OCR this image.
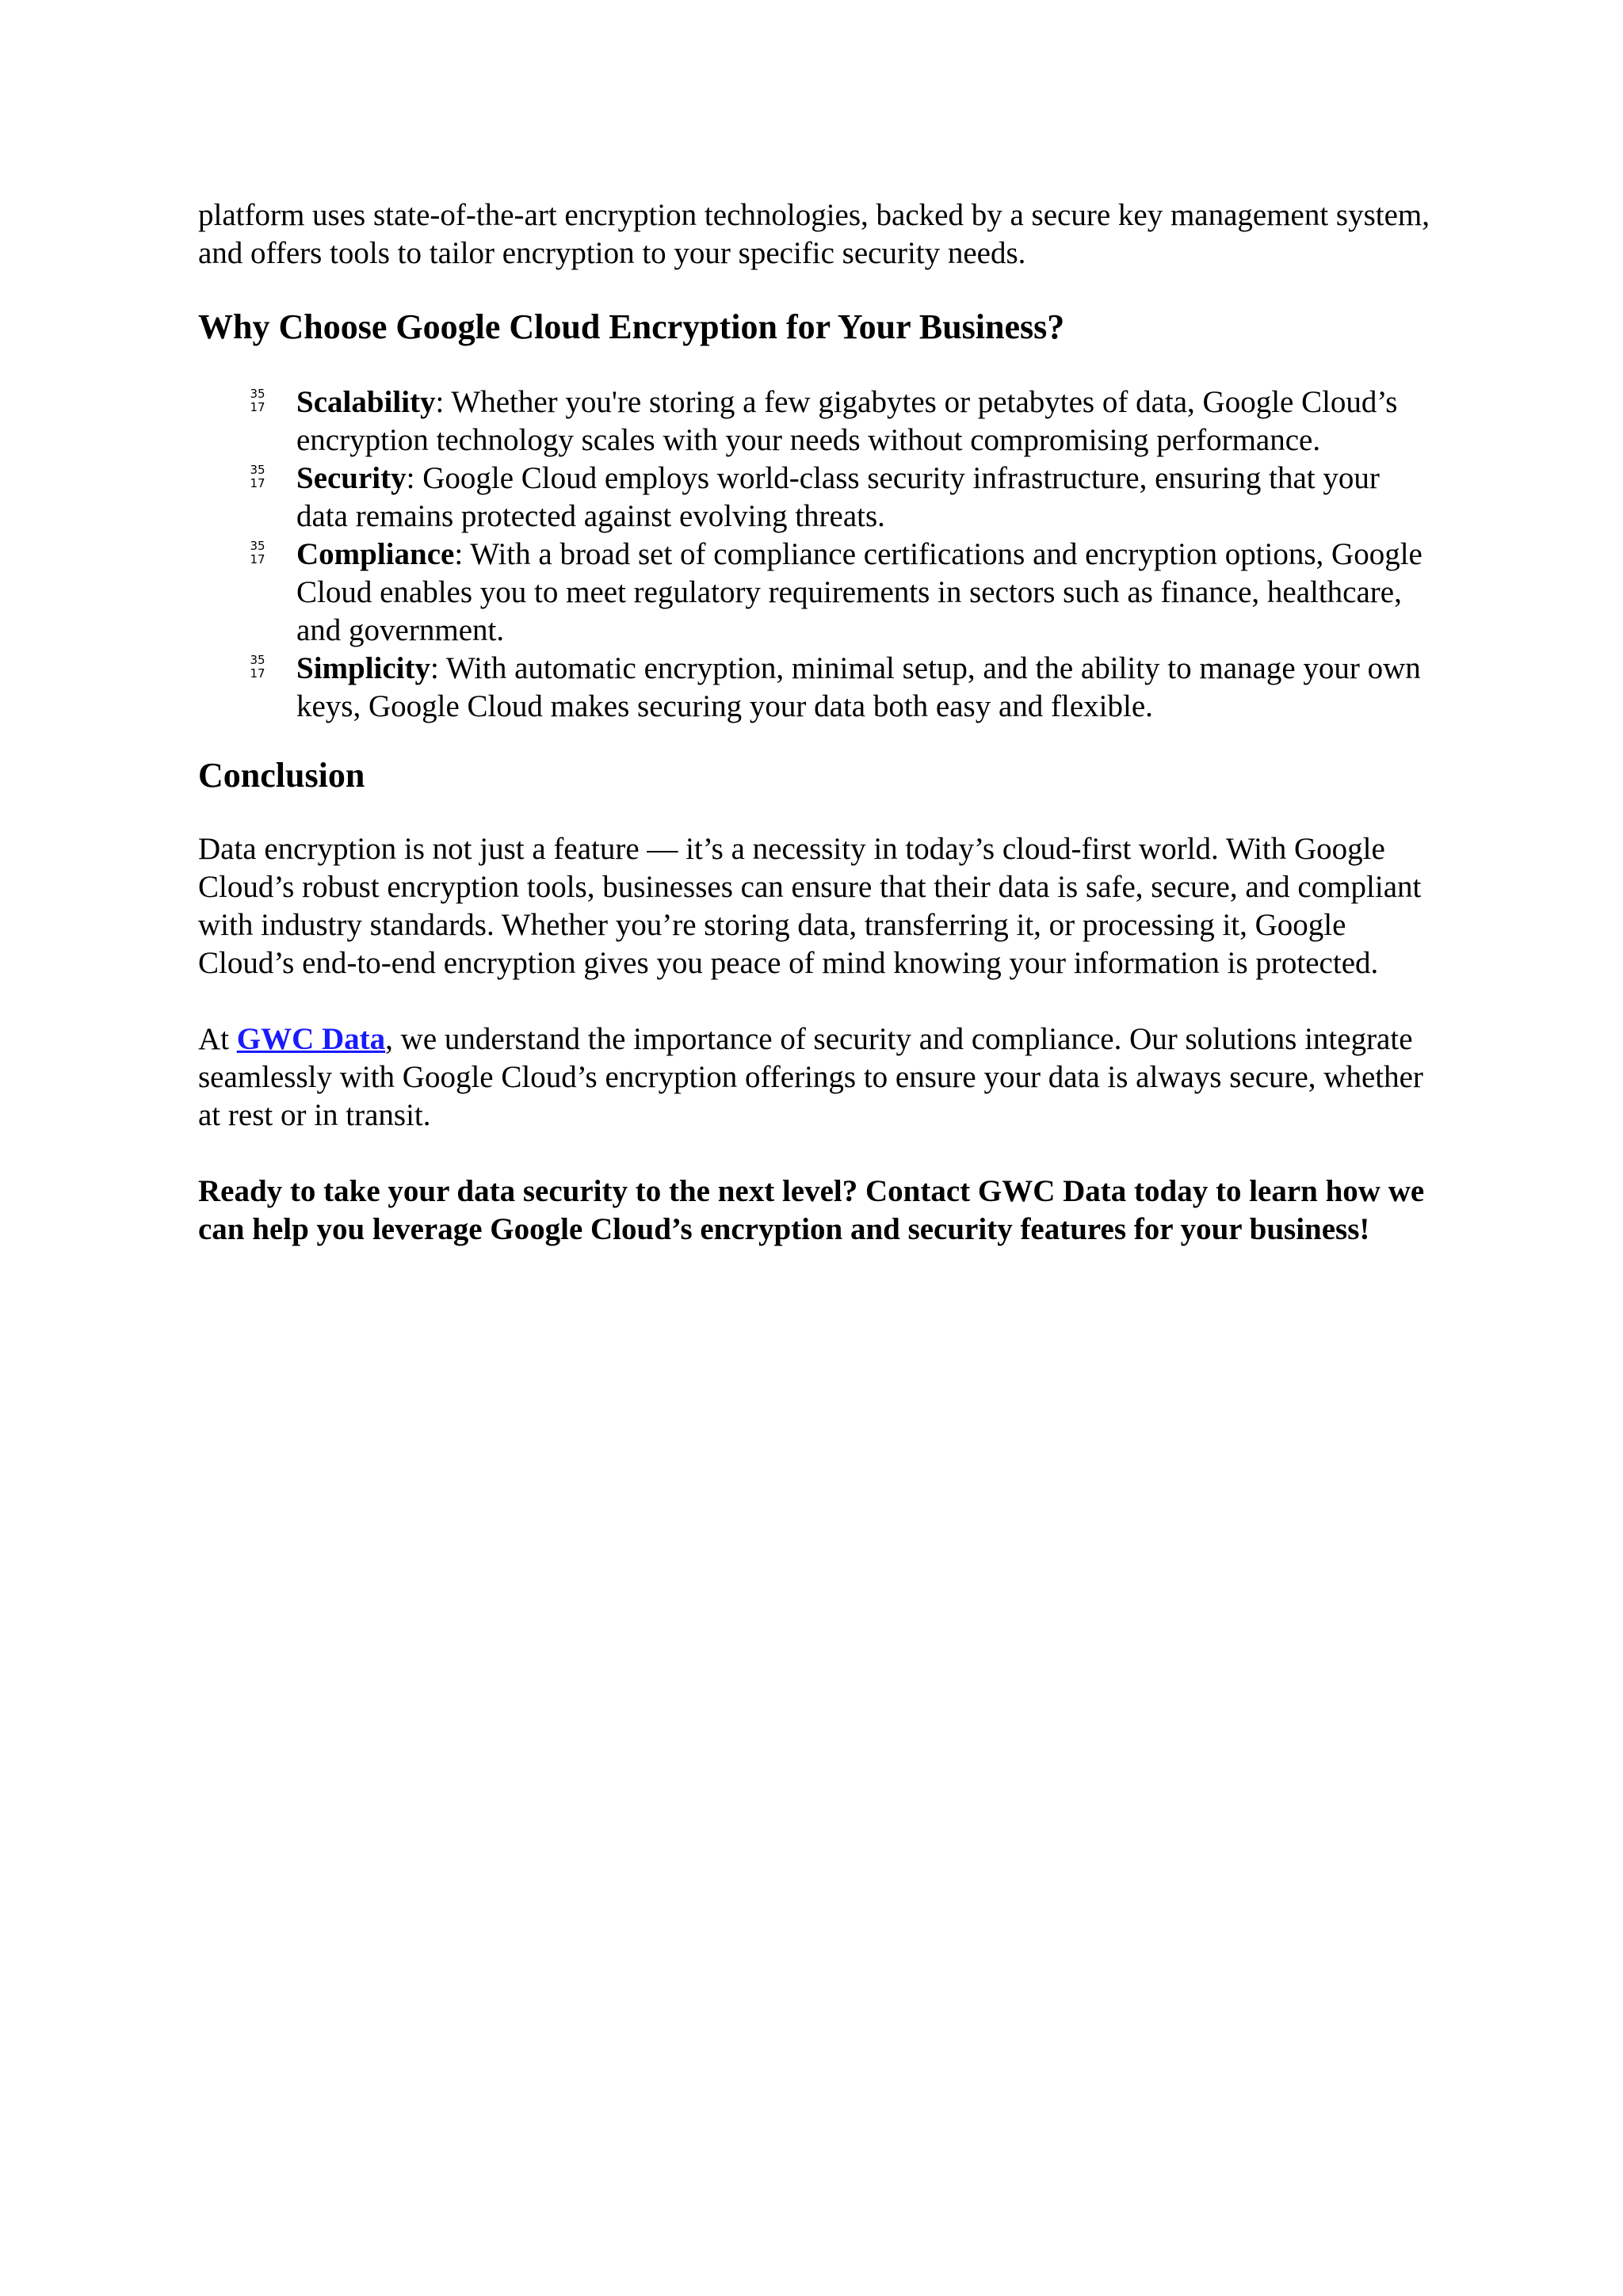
platform uses state-of-the-art encryption technologies, backed by a secure key management system, and offers tools to tailor encryption to your specific security needs.

Why Choose Google Cloud Encryption for Your Business?
35
17 Scalability: Whether you're storing a few gigabytes or petabytes of data, Google Cloud’s encryption technology scales with your needs without compromising performance.
35
17 Security: Google Cloud employs world-class security infrastructure, ensuring that your data remains protected against evolving threats.
35
17 Compliance: With a broad set of compliance certifications and encryption options, Google Cloud enables you to meet regulatory requirements in sectors such as finance, healthcare, and government.
35
17 Simplicity: With automatic encryption, minimal setup, and the ability to manage your own keys, Google Cloud makes securing your data both easy and flexible.
Conclusion

Data encryption is not just a feature — it’s a necessity in today’s cloud-first world. With Google Cloud’s robust encryption tools, businesses can ensure that their data is safe, secure, and compliant with industry standards. Whether you’re storing data, transferring it, or processing it, Google Cloud’s end-to-end encryption gives you peace of mind knowing your information is protected.

At GWC Data, we understand the importance of security and compliance. Our solutions integrate seamlessly with Google Cloud’s encryption offerings to ensure your data is always secure, whether at rest or in transit.

Ready to take your data security to the next level? Contact GWC Data today to learn how we can help you leverage Google Cloud’s encryption and security features for your business!
